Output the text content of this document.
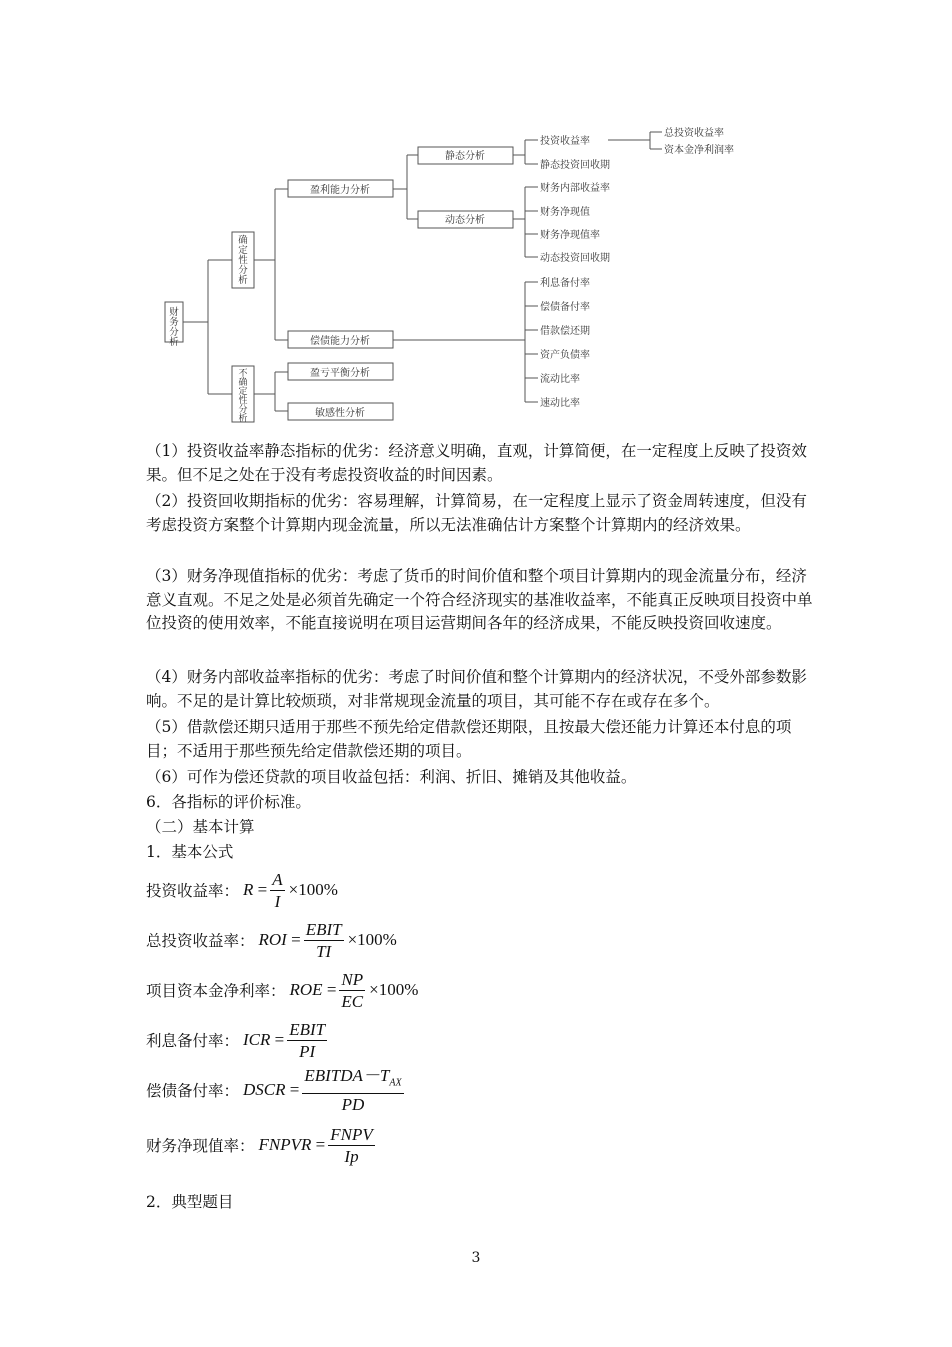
财务分析
确定性分析
不确定性分析
盈利能力分析
偿债能力分析
盈亏平衡分析
敏感性分析
静态分析
动态分析
投资收益率
静态投资回收期
总投资收益率
资本金净利润率
财务内部收益率
财务净现值
财务净现值率
动态投资回收期
利息备付率
偿债备付率
借款偿还期
资产负债率
流动比率
速动比率

（1）投资收益率静态指标的优劣：经济意义明确，直观，计算简便，在一定程度上反映了投资效果。但不足之处在于没有考虑投资收益的时间因素。

（2）投资回收期指标的优劣：容易理解，计算简易，在一定程度上显示了资金周转速度，但没有考虑投资方案整个计算期内现金流量，所以无法准确估计方案整个计算期内的经济效果。

（3）财务净现值指标的优劣：考虑了货币的时间价值和整个项目计算期内的现金流量分布，经济意义直观。不足之处是必须首先确定一个符合经济现实的基准收益率，不能真正反映项目投资中单位投资的使用效率，不能直接说明在项目运营期间各年的经济成果，不能反映投资回收速度。

（4）财务内部收益率指标的优劣：考虑了时间价值和整个计算期内的经济状况，不受外部参数影响。不足的是计算比较烦琐，对非常规现金流量的项目，其可能不存在或存在多个。

（5）借款偿还期只适用于那些不预先给定借款偿还期限，且按最大偿还能力计算还本付息的项目；不适用于那些预先给定借款偿还期的项目。

（6）可作为偿还贷款的项目收益包括：利润、折旧、摊销及其他收益。

6．各指标的评价标准。
（二）基本计算
1．基本公式
投资收益率： $R = \frac{A}{I} \times 100\%$
总投资收益率： ROI = $\frac{\text{EBIT}}{TI} \times 100\%$
项目资本金净利率： ROE = $\frac{NP}{EC} \times 100\%$
利息备付率： ICR = $\frac{\text{EBIT}}{PI}$
偿债备付率： DSCR = $\frac{EBITDA-T_{AX}}{PD}$
财务净现值率： FNPVR = $\frac{\text{FNPV}}{Ip}$
2．典型题目
3
